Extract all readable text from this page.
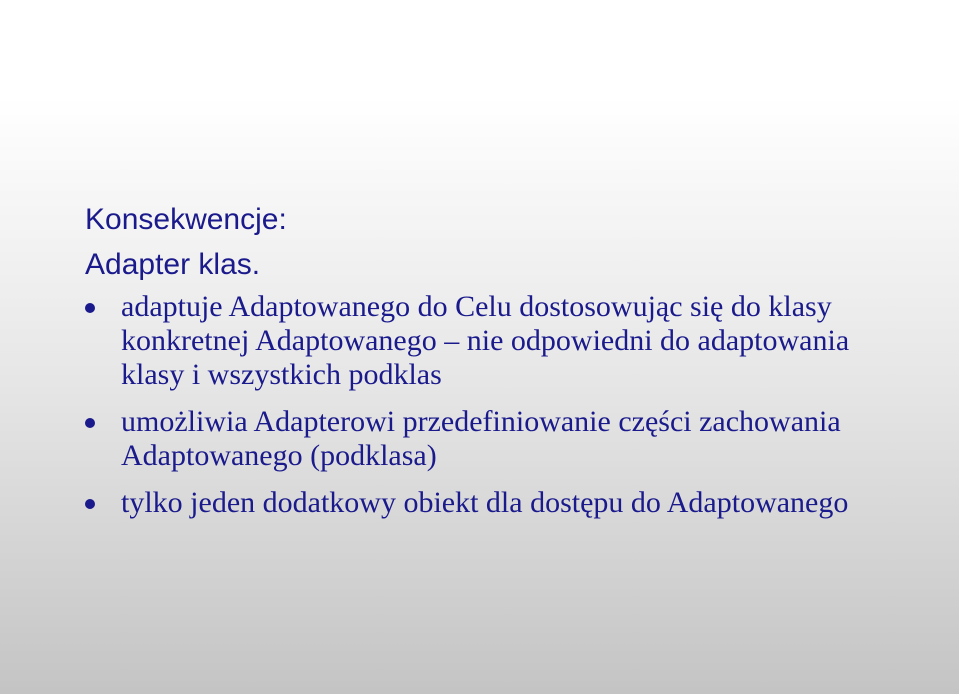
Konsekwencje:
Adapter klas.
adaptuje Adaptowanego do Celu dostosowując się do klasy konkretnej Adaptowanego – nie odpowiedni do adaptowania klasy i wszystkich podklas
umożliwia Adapterowi przedefiniowanie części zachowania Adaptowanego (podklasa)
tylko jeden dodatkowy obiekt dla dostępu do Adaptowanego
